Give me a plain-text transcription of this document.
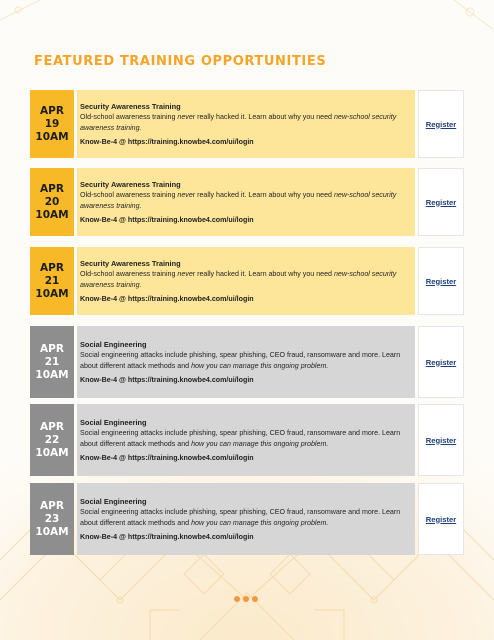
FEATURED TRAINING OPPORTUNITIES
APR
19
10AM
Security Awareness Training
Old-school awareness training never really hacked it. Learn about why you need new-school security awareness training.
Know-Be-4 @ https://training.knowbe4.com/ui/login
Register
APR
20
10AM
Security Awareness Training
Old-school awareness training never really hacked it. Learn about why you need new-school security awareness training.
Know-Be-4 @ https://training.knowbe4.com/ui/login
Register
APR
21
10AM
Security Awareness Training
Old-school awareness training never really hacked it. Learn about why you need new-school security awareness training.
Know-Be-4 @ https://training.knowbe4.com/ui/login
Register
APR
21
10AM
Social Engineering
Social engineering attacks include phishing, spear phishing, CEO fraud, ransomware and more. Learn about different attack methods and how you can manage this ongoing problem.
Know-Be-4 @ https://training.knowbe4.com/ui/login
Register
APR
22
10AM
Social Engineering
Social engineering attacks include phishing, spear phishing, CEO fraud, ransomware and more. Learn about different attack methods and how you can manage this ongoing problem.
Know-Be-4 @ https://training.knowbe4.com/ui/login
Register
APR
23
10AM
Social Engineering
Social engineering attacks include phishing, spear phishing, CEO fraud, ransomware and more. Learn about different attack methods and how you can manage this ongoing problem.
Know-Be-4 @ https://training.knowbe4.com/ui/login
Register
